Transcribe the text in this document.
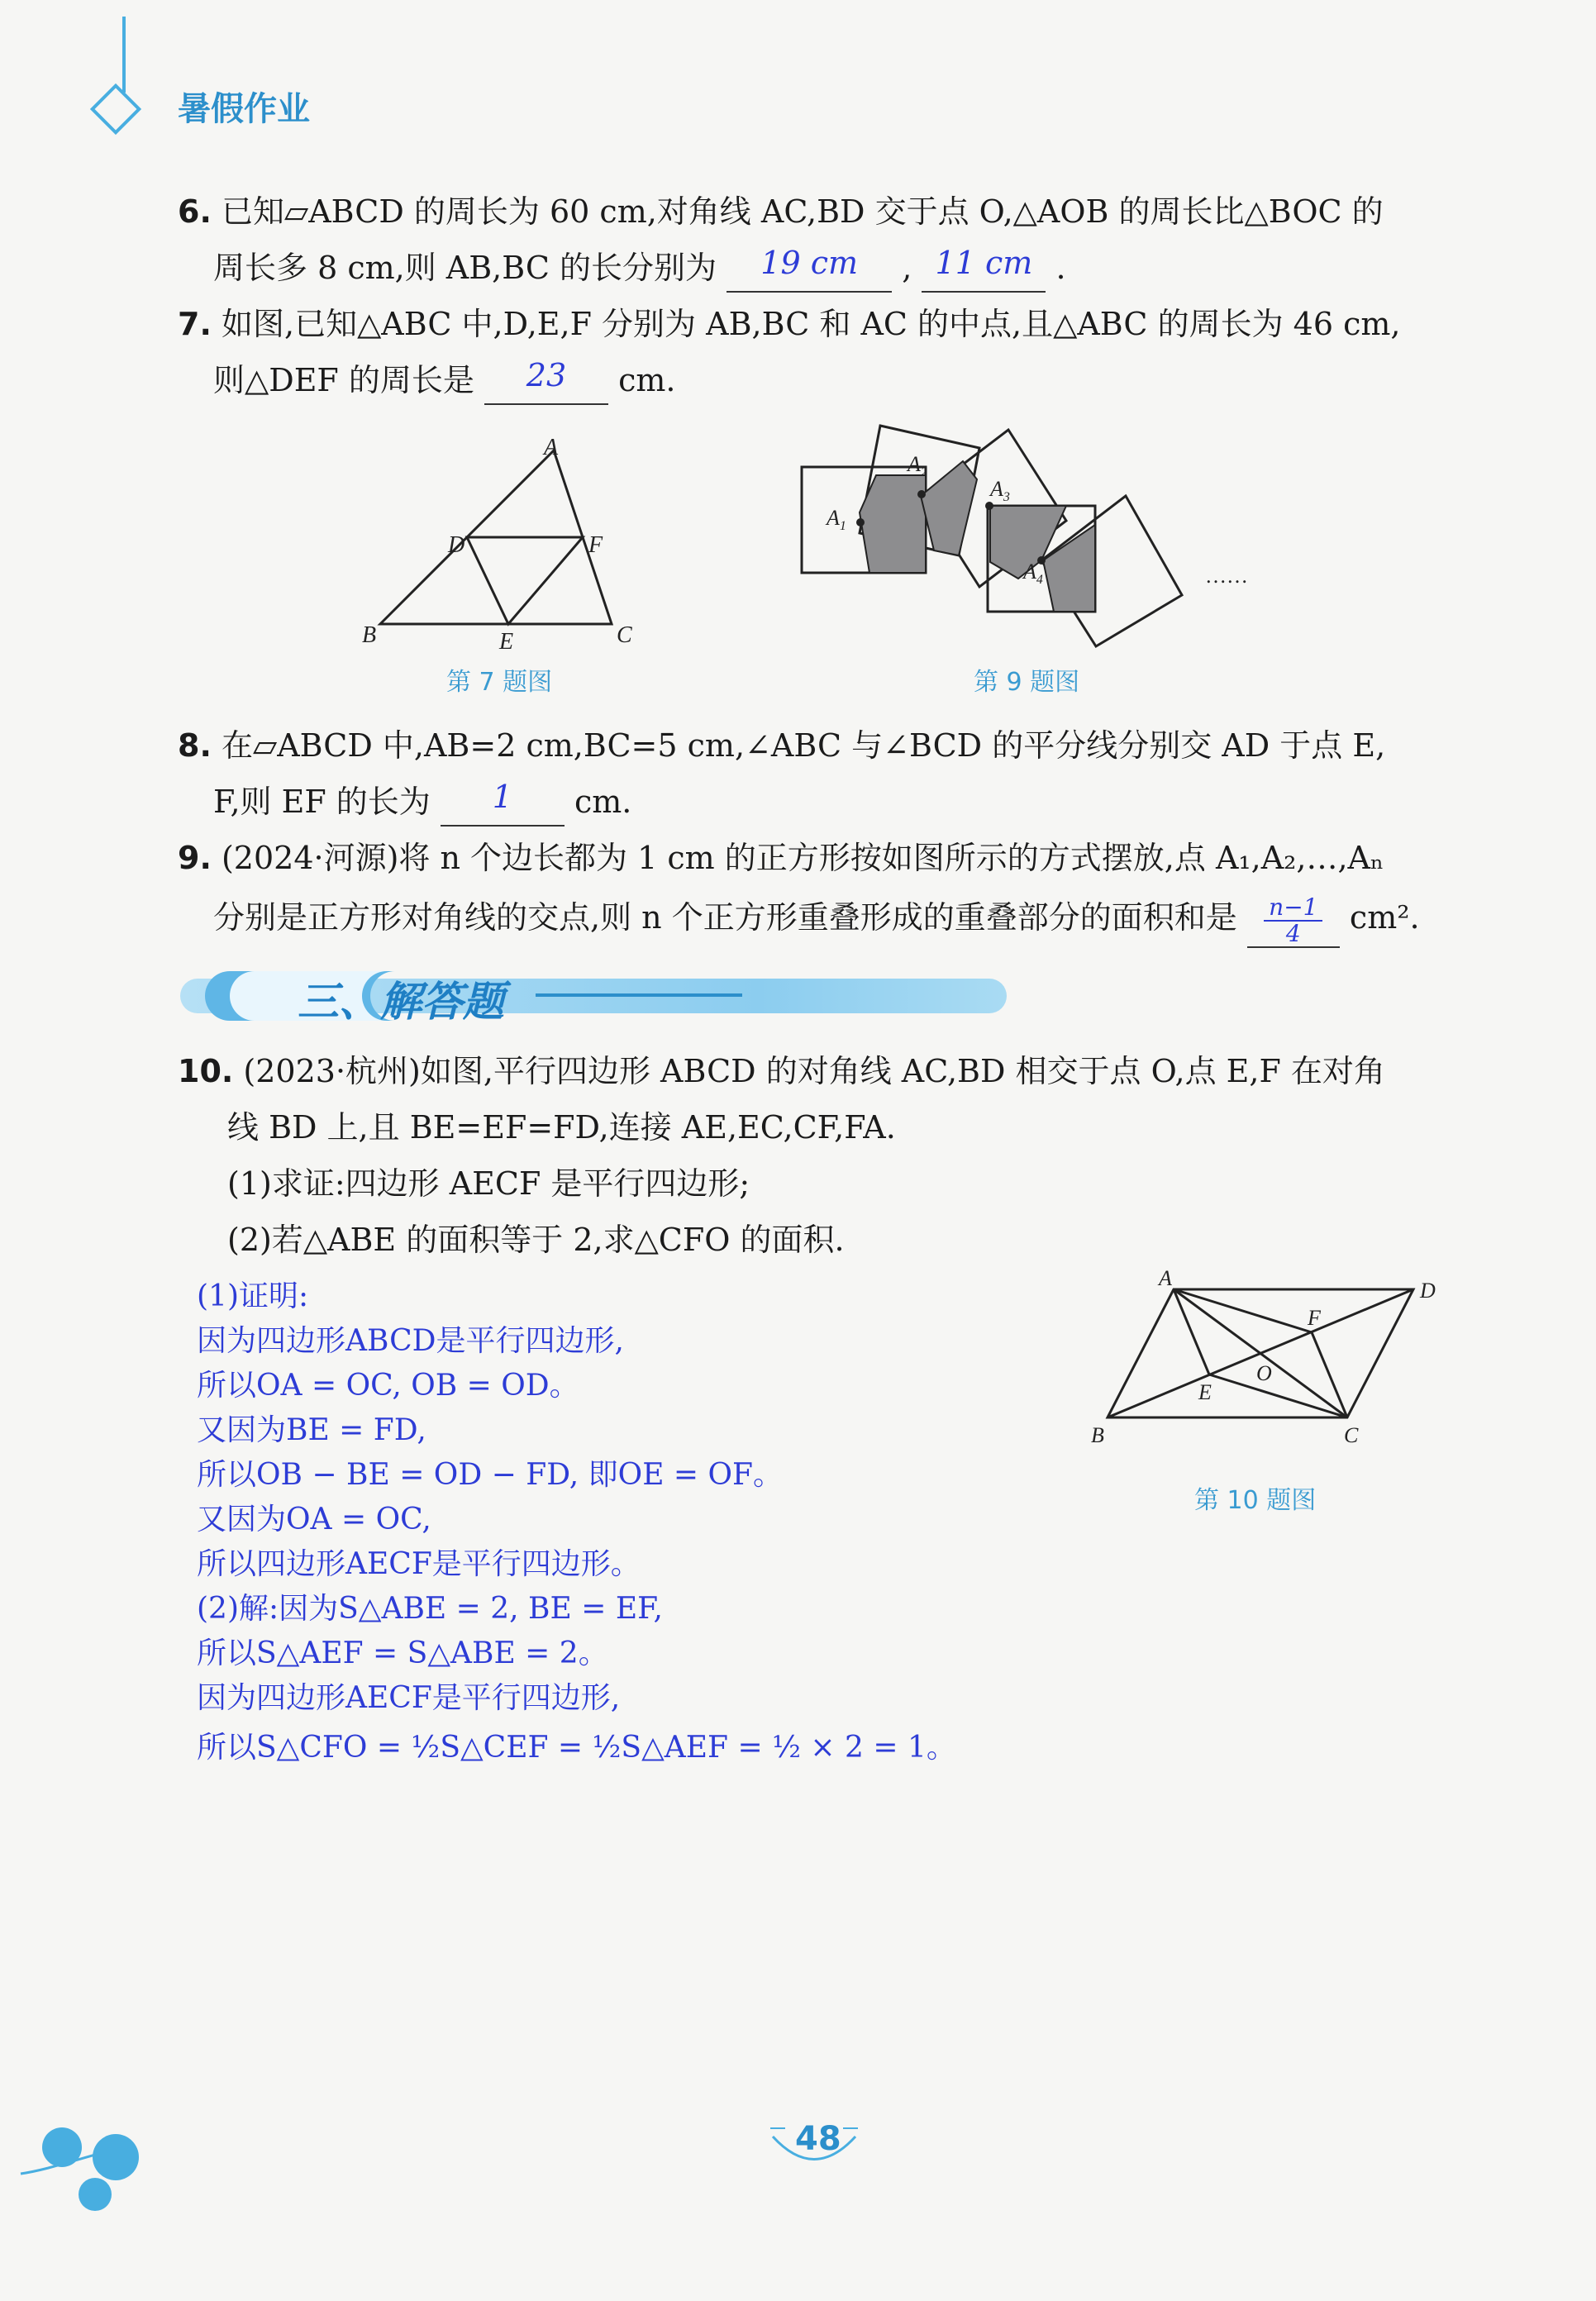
暑假作业
6. 已知▱ABCD 的周长为 60 cm,对角线 AC,BD 交于点 O,△AOB 的周长比△BOC 的
周长多 8 cm,则 AB,BC 的长分别为 19 cm , 11 cm .
7. 如图,已知△ABC 中,D,E,F 分别为 AB,BC 和 AC 的中点,且△ABC 的周长为 46 cm,
则△DEF 的周长是 23 cm.
A
B	C
D
E
F
第 7 题图
$A_1$
$A_2$
$A_3$
$A_4$	……
第 9 题图
8. 在▱ABCD 中,AB=2 cm,BC=5 cm,∠ABC 与∠BCD 的平分线分别交 AD 于点 E,
F,则 EF 的长为 1 cm.
9. (2024·河源)将 n 个边长都为 1 cm 的正方形按如图所示的方式摆放,点 A₁,A₂,…,Aₙ
分别是正方形对角线的交点,则 n 个正方形重叠形成的重叠部分的面积和是 $\frac{n-1}{4} cm^2$.
三、解答题
10. (2023·杭州)如图,平行四边形 ABCD 的对角线 AC,BD 相交于点 O,点 E,F 在对角
线 BD 上,且 BE=EF=FD,连接 AE,EC,CF,FA.
(1)求证:四边形 AECF 是平行四边形;
(2)若△ABE 的面积等于 2,求△CFO 的面积.
(1)证明:
因为四边形ABCD是平行四边形,
所以OA = OC, OB = OD。
又因为BE = FD,
所以OB − BE = OD − FD, 即OE = OF。
又因为OA = OC,
所以四边形AECF是平行四边形。
(2)解:因为S△ABE = 2, BE = EF,
所以S△AEF = S△ABE = 2。
因为四边形AECF是平行四边形,
所以S△CFO = ½S△CEF = ½S△AEF = ½ × 2 = 1。
A
D
B	C
E
F
O
第 10 题图
48
